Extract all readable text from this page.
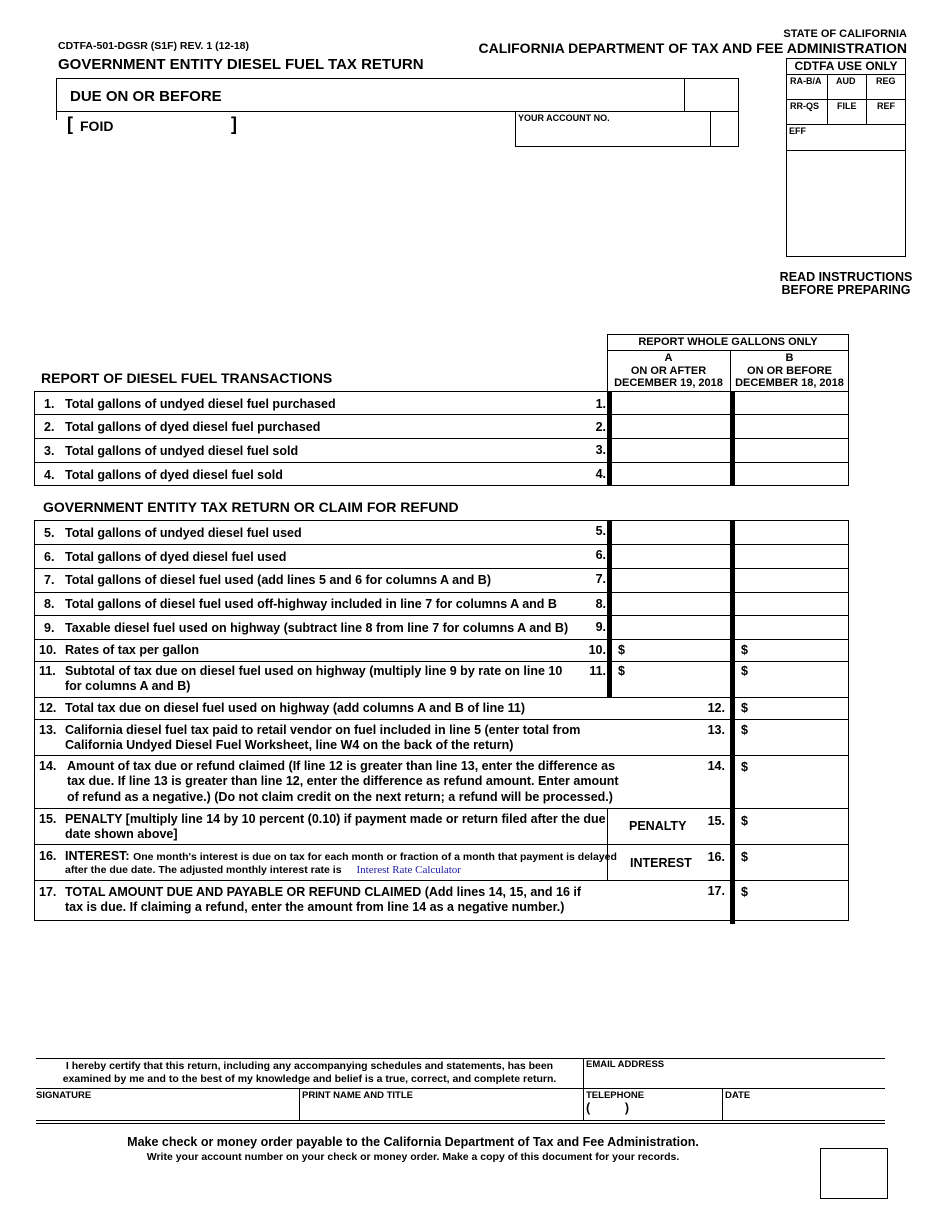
CDTFA-501-DGSR (S1F) REV. 1 (12-18)
GOVERNMENT ENTITY DIESEL FUEL TAX RETURN
STATE OF CALIFORNIA
CALIFORNIA DEPARTMENT OF TAX AND FEE ADMINISTRATION
DUE ON OR BEFORE
[ FOID	]	YOUR ACCOUNT NO.
CDTFA USE ONLY
RA-B/A AUD REG
RR-QS FILE REF
EFF
READ INSTRUCTIONS
BEFORE PREPARING
REPORT WHOLE GALLONS ONLY
A
ON OR AFTER
DECEMBER 19, 2018
B
ON OR BEFORE
DECEMBER 18, 2018
REPORT OF DIESEL FUEL TRANSACTIONS
1. Total gallons of undyed diesel fuel purchased	1.
2. Total gallons of dyed diesel fuel purchased	2.
3. Total gallons of undyed diesel fuel sold	3.
4. Total gallons of dyed diesel fuel sold	4.
GOVERNMENT ENTITY TAX RETURN OR CLAIM FOR REFUND
5. Total gallons of undyed diesel fuel used	5.
6. Total gallons of dyed diesel fuel used	6.
7. Total gallons of diesel fuel used (add lines 5 and 6 for columns A and B)	7.
8. Total gallons of diesel fuel used off-highway included in line 7 for columns A and B	8.
9. Taxable diesel fuel used on highway (subtract line 8 from line 7 for columns A and B)	9.
10. Rates of tax per gallon	10. $	$
11. Subtotal of tax due on diesel fuel used on highway (multiply line 9 by rate on line 10
for columns A and B)
11. $	$
12. Total tax due on diesel fuel used on highway (add columns A and B of line 11)	12. $
13. California diesel fuel tax paid to retail vendor on fuel included in line 5 (enter total from
California Undyed Diesel Fuel Worksheet, line W4 on the back of the return)
13. $
14. Amount of tax due or refund claimed (If line 12 is greater than line 13, enter the difference as
tax due. If line 13 is greater than line 12, enter the difference as refund amount. Enter amount
of refund as a negative.) (Do not claim credit on the next return; a refund will be processed.)
14. $
15. PENALTY [multiply line 14 by 10 percent (0.10) if payment made or return filed after the due
date shown above]
PENALTY	15. $
16. INTEREST: One month's interest is due on tax for each month or fraction of a month that payment is delayed
after the due date. The adjusted monthly interest rate is Interest Rate Calculator	INTEREST	16. $
17. TOTAL AMOUNT DUE AND PAYABLE OR REFUND CLAIMED (Add lines 14, 15, and 16 if
tax is due. If claiming a refund, enter the amount from line 14 as a negative number.)
17. $
I hereby certify that this return, including any accompanying schedules and statements, has been
examined by me and to the best of my knowledge and belief is a true, correct, and complete return.
EMAIL ADDRESS
SIGNATURE	PRINT NAME AND TITLE	TELEPHONE
(          )
DATE
Make check or money order payable to the California Department of Tax and Fee Administration.
Write your account number on your check or money order. Make a copy of this document for your records.
